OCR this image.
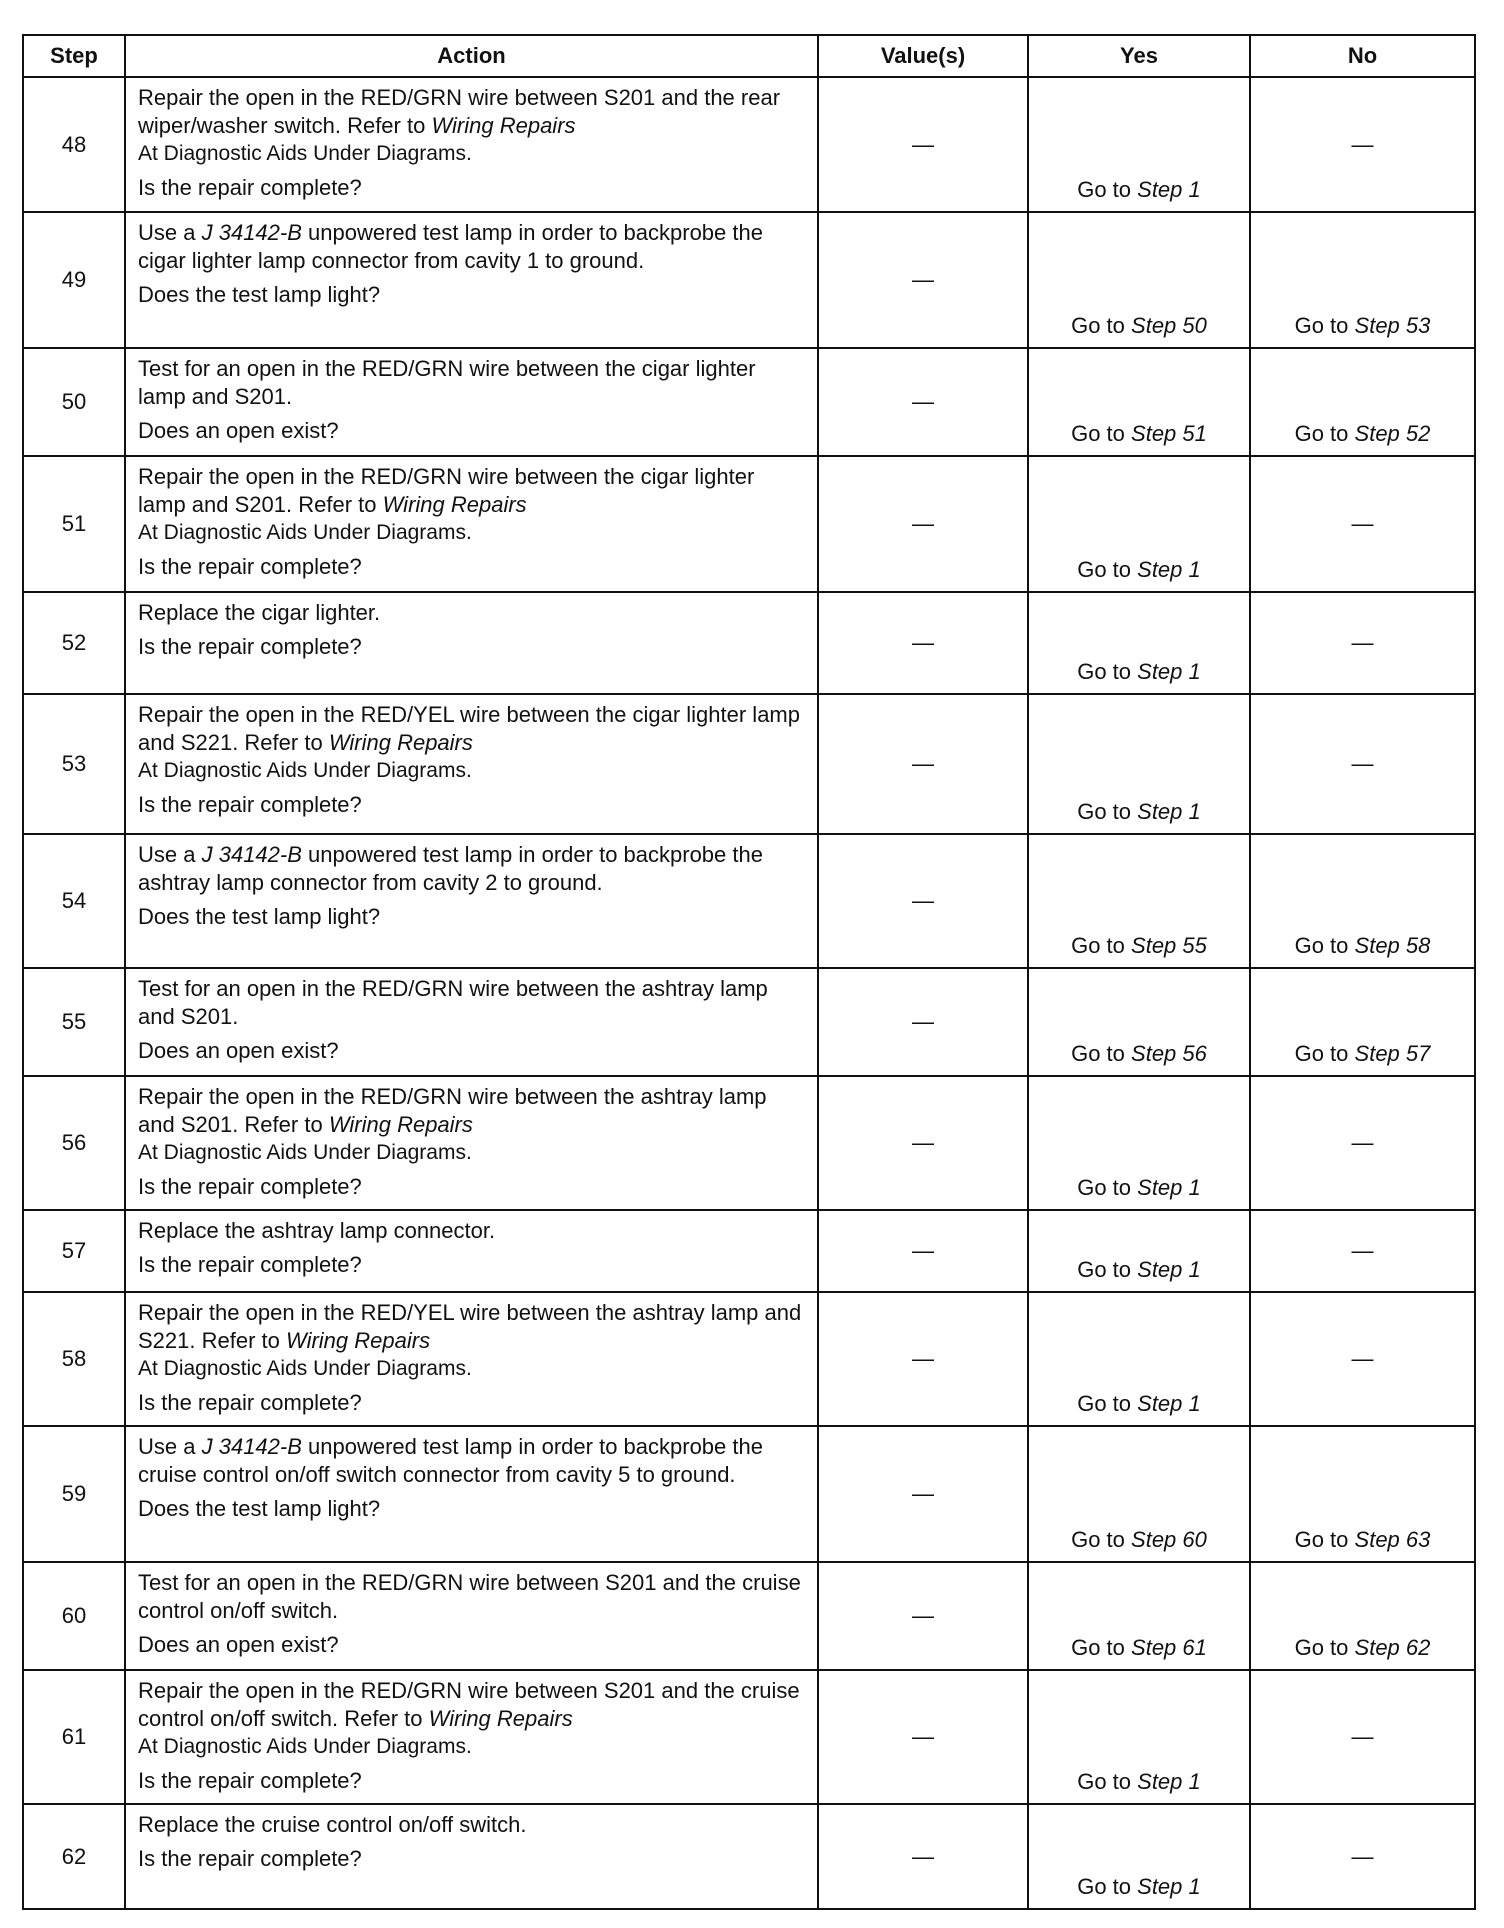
Step	Action	Value(s)	Yes	No
48	Repair the open in the RED/GRN wire between S201 and the rear wiper/washer switch. Refer to Wiring Repairs
At Diagnostic Aids Under Diagrams.
Is the repair complete?	—	Go to Step 1	—
49	Use a J 34142-B unpowered test lamp in order to backprobe the cigar lighter lamp connector from cavity 1 to ground.
Does the test lamp light?	—	Go to Step 50	Go to Step 53
50	Test for an open in the RED/GRN wire between the cigar lighter lamp and S201.
Does an open exist?	—	Go to Step 51	Go to Step 52
51	Repair the open in the RED/GRN wire between the cigar lighter lamp and S201. Refer to Wiring Repairs
At Diagnostic Aids Under Diagrams.
Is the repair complete?	—	Go to Step 1	—
52	Replace the cigar lighter.
Is the repair complete?	—	Go to Step 1	—
53	Repair the open in the RED/YEL wire between the cigar lighter lamp and S221. Refer to Wiring Repairs
At Diagnostic Aids Under Diagrams.
Is the repair complete?	—	Go to Step 1	—
54	Use a J 34142-B unpowered test lamp in order to backprobe the ashtray lamp connector from cavity 2 to ground.
Does the test lamp light?	—	Go to Step 55	Go to Step 58
55	Test for an open in the RED/GRN wire between the ashtray lamp and S201.
Does an open exist?	—	Go to Step 56	Go to Step 57
56	Repair the open in the RED/GRN wire between the ashtray lamp and S201. Refer to Wiring Repairs
At Diagnostic Aids Under Diagrams.
Is the repair complete?	—	Go to Step 1	—
57	Replace the ashtray lamp connector.
Is the repair complete?	—	Go to Step 1	—
58	Repair the open in the RED/YEL wire between the ashtray lamp and S221. Refer to Wiring Repairs
At Diagnostic Aids Under Diagrams.
Is the repair complete?	—	Go to Step 1	—
59	Use a J 34142-B unpowered test lamp in order to backprobe the cruise control on/off switch connector from cavity 5 to ground.
Does the test lamp light?	—	Go to Step 60	Go to Step 63
60	Test for an open in the RED/GRN wire between S201 and the cruise control on/off switch.
Does an open exist?	—	Go to Step 61	Go to Step 62
61	Repair the open in the RED/GRN wire between S201 and the cruise control on/off switch. Refer to Wiring Repairs
At Diagnostic Aids Under Diagrams.
Is the repair complete?	—	Go to Step 1	—
62	Replace the cruise control on/off switch.
Is the repair complete?	—	Go to Step 1	—
